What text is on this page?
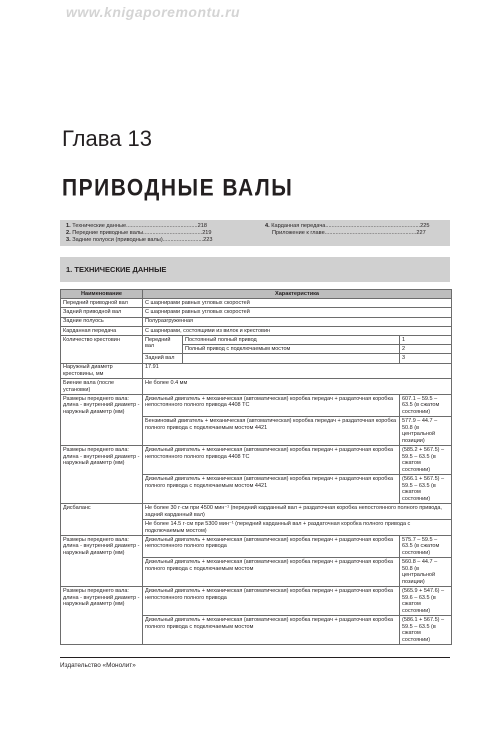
www.knigaporemontu.ru
Глава 13
ПРИВОДНЫЕ ВАЛЫ
1. Технические данные..............................................218
2. Передние приводные валы......................................219
3. Задние полуоси (приводные валы)..........................223
4. Карданная передача.............................................................225
Приложение к главе...........................................................227
1. ТЕХНИЧЕСКИЕ ДАННЫЕ
Наименование	Характеристика		
Передний приводной вал	С шарнирами равных угловых скоростей		
Задний приводной вал	С шарнирами равных угловых скоростей		
Задние полуось	Полуразгруженная		
Карданная передача	С шарнирами, состоящими из вилок и крестовин		
Количество крестовин	Передний вал	Постоянный полный привод	1
		Полный привод с подключаемым мостом	2
	Задний вал		3
Наружный диаметр крестовины, мм	17.91		
Биение вала (после установки)	Не более 0.4 мм		
Размеры переднего вала: длина - внутренний диаметр - наружный диаметр (мм)	Дизельный двигатель + механическая (автоматическая) коробка передач + раздаточная коробка непостоянного полного привода 4408 ТС		607.1 – 59.5 – 63.5 (в сжатом состоянии)
	Бензиновый двигатель + механическая (автоматическая) коробка передач + раздаточная коробка полного привода с подключаемым мостом 4421		577.9 – 44.7 – 50.8 (в центральной позиции)
Размеры переднего вала: длина - внутренний диаметр - наружный диаметр (мм)	Дизельный двигатель + механическая (автоматическая) коробка передач + раздаточная коробка непостоянного полного привода 4408 ТС		(585.2 + 567.5) – 59.5 – 63.5 (в сжатом состоянии)
	Дизельный двигатель + механическая (автоматическая) коробка передач + раздаточная коробка полного привода с подключаемым мостом 4421		(566.1 + 567.5) – 59.5 – 63.5 (в сжатом состоянии)
Дисбаланс	Не более 30 г·см при 4500 мин⁻¹ (передний карданный вал + раздаточная коробка непостоянного полного привода, задний карданный вал)		
	Не более 14.5 г·см при 5300 мин⁻¹ (передний карданный вал + раздаточная коробка полного привода с подключаемым мостом)		
Размеры переднего вала: длина - внутренний диаметр - наружный диаметр (мм)	Дизельный двигатель + механическая (автоматическая) коробка передач + раздаточная коробка непостоянного полного привода		575.7 – 59.5 – 63.5 (в сжатом состоянии)
	Дизельный двигатель + механическая (автоматическая) коробка передач + раздаточная коробка полного привода с подключаемым мостом		560.8 – 44.7 – 50.8 (в центральной позиции)
Размеры переднего вала: длина - внутренний диаметр - наружный диаметр (мм)	Дизельный двигатель + механическая (автоматическая) коробка передач + раздаточная коробка непостоянного полного привода		(565.9 + 547.6) – 59.6 – 63.5 (в сжатом состоянии)
	Дизельный двигатель + механическая (автоматическая) коробка передач + раздаточная коробка полного привода с подключаемым мостом		(586.1 + 567.5) – 59.5 – 63.5 (в сжатом состоянии)
Издательство «Монолит»
